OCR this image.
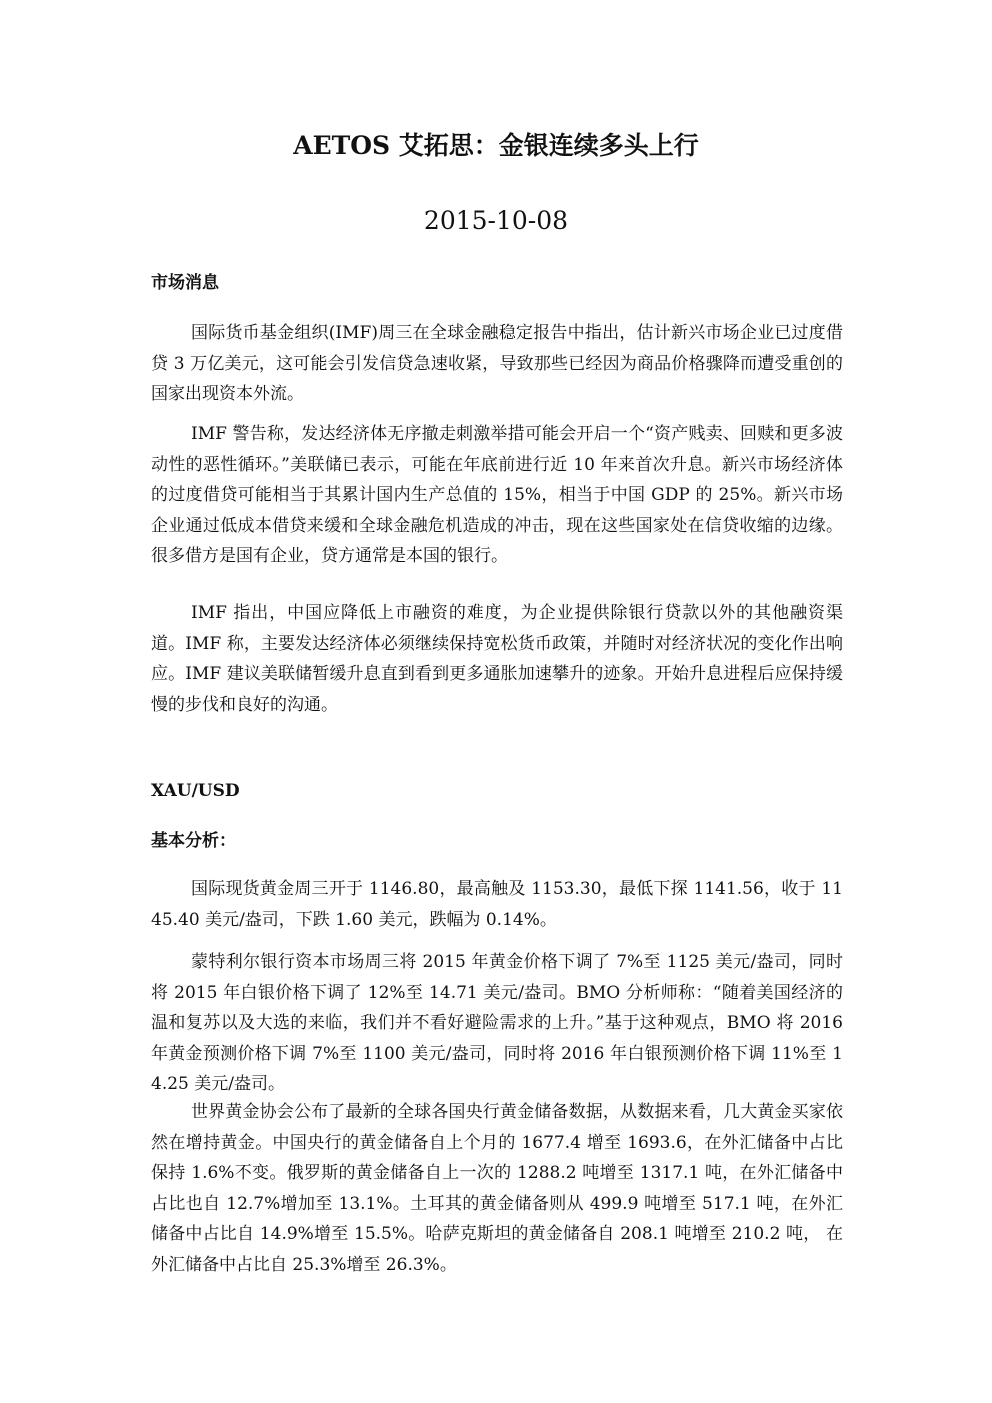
AETOS 艾拓思：金银连续多头上行
2015-10-08
市场消息

国际货币基金组织(IMF)周三在全球金融稳定报告中指出，估计新兴市场企业已过度借贷 3 万亿美元，这可能会引发信贷急速收紧，导致那些已经因为商品价格骤降而遭受重创的国家出现资本外流。

IMF 警告称，发达经济体无序撤走刺激举措可能会开启一个“资产贱卖、回赎和更多波动性的恶性循环。”美联储已表示，可能在年底前进行近 10 年来首次升息。新兴市场经济体的过度借贷可能相当于其累计国内生产总值的 15%，相当于中国 GDP 的 25%。新兴市场企业通过低成本借贷来缓和全球金融危机造成的冲击，现在这些国家处在信贷收缩的边缘。很多借方是国有企业，贷方通常是本国的银行。

IMF 指出，中国应降低上市融资的难度，为企业提供除银行贷款以外的其他融资渠道。IMF 称，主要发达经济体必须继续保持宽松货币政策，并随时对经济状况的变化作出响应。IMF 建议美联储暂缓升息直到看到更多通胀加速攀升的迹象。开始升息进程后应保持缓慢的步伐和良好的沟通。

XAU/USD
基本分析：

国际现货黄金周三开于 1146.80，最高触及 1153.30，最低下探 1141.56，收于 1145.40 美元/盎司，下跌 1.60 美元，跌幅为 0.14%。

蒙特利尔银行资本市场周三将 2015 年黄金价格下调了 7%至 1125 美元/盎司，同时将 2015 年白银价格下调了 12%至 14.71 美元/盎司。BMO 分析师称：“随着美国经济的温和复苏以及大选的来临，我们并不看好避险需求的上升。”基于这种观点，BMO 将 2016 年黄金预测价格下调 7%至 1100 美元/盎司，同时将 2016 年白银预测价格下调 11%至 14.25 美元/盎司。

世界黄金协会公布了最新的全球各国央行黄金储备数据，从数据来看，几大黄金买家依然在增持黄金。中国央行的黄金储备自上个月的 1677.4 增至 1693.6，在外汇储备中占比保持 1.6%不变。俄罗斯的黄金储备自上一次的 1288.2 吨增至 1317.1 吨，在外汇储备中占比也自 12.7%增加至 13.1%。土耳其的黄金储备则从 499.9 吨增至 517.1 吨，在外汇储备中占比自 14.9%增至 15.5%。哈萨克斯坦的黄金储备自 208.1 吨增至 210.2 吨， 在外汇储备中占比自 25.3%增至 26.3%。
